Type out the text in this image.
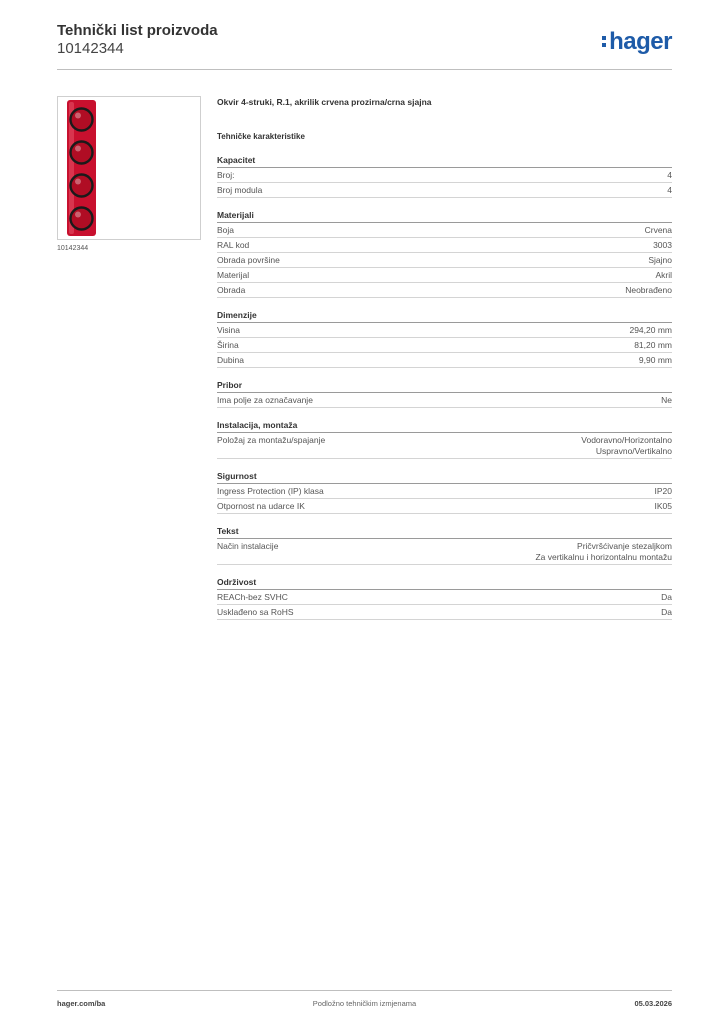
Tehnički list proizvoda
10142344	hager
10142344
Okvir 4-struki, R.1, akrilik crvena prozirna/crna sjajna
Tehničke karakteristike
Kapacitet
Broj:	4
Broj modula	4
Materijali
Boja	Crvena
RAL kod	3003
Obrada površine	Sjajno
Materijal	Akril
Obrada	Neobrađeno
Dimenzije
Visina	294,20 mm
Širina	81,20 mm
Dubina	9,90 mm
Pribor
Ima polje za označavanje	Ne
Instalacija, montaža
Položaj za montažu/spajanje	Vodoravno/Horizontalno
Uspravno/Vertikalno
Sigurnost
Ingress Protection (IP) klasa	IP20
Otpornost na udarce IK	IK05
Tekst
Način instalacije	Pričvršćivanje stezaljkom
Za vertikalnu i horizontalnu montažu
Održivost
REACh-bez SVHC	Da
Usklađeno sa RoHS	Da
hager.com/ba	Podložno tehničkim izmjenama	05.03.2026
